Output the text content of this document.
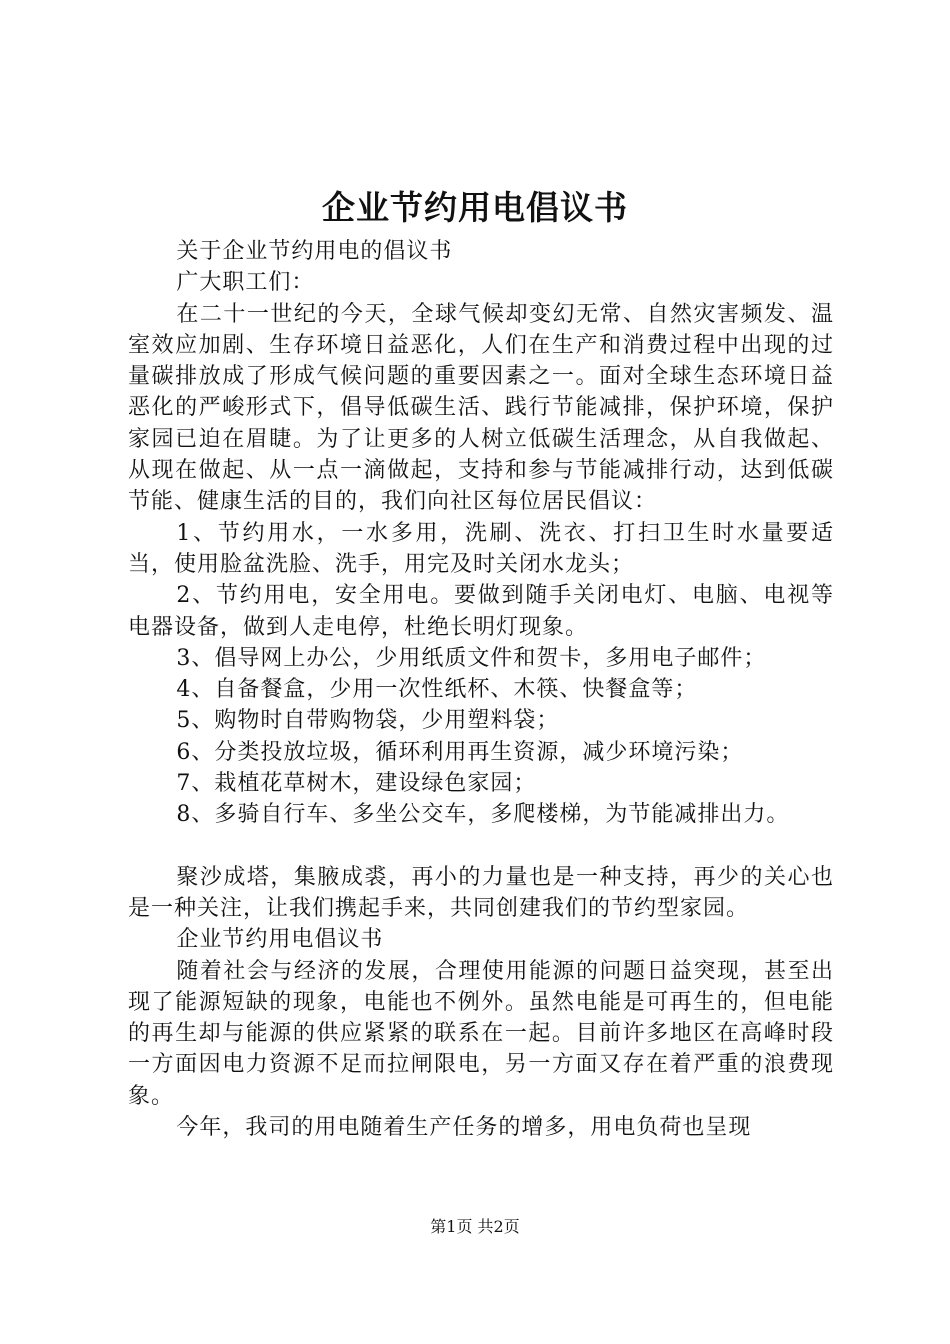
企业节约用电倡议书

关于企业节约用电的倡议书

广大职工们：

在二十一世纪的今天，全球气候却变幻无常、自然灾害频发、温室效应加剧、生存环境日益恶化，人们在生产和消费过程中出现的过量碳排放成了形成气候问题的重要因素之一。面对全球生态环境日益恶化的严峻形式下，倡导低碳生活、践行节能减排，保护环境，保护家园已迫在眉睫。为了让更多的人树立低碳生活理念，从自我做起、从现在做起、从一点一滴做起，支持和参与节能减排行动，达到低碳节能、健康生活的目的，我们向社区每位居民倡议：

1、节约用水，一水多用，洗刷、洗衣、打扫卫生时水量要适当，使用脸盆洗脸、洗手，用完及时关闭水龙头；

2、节约用电，安全用电。要做到随手关闭电灯、电脑、电视等电器设备，做到人走电停，杜绝长明灯现象。

3、倡导网上办公，少用纸质文件和贺卡，多用电子邮件；

4、自备餐盒，少用一次性纸杯、木筷、快餐盒等；

5、购物时自带购物袋，少用塑料袋；

6、分类投放垃圾，循环利用再生资源，减少环境污染；

7、栽植花草树木，建设绿色家园；

8、多骑自行车、多坐公交车，多爬楼梯，为节能减排出力。

聚沙成塔，集腋成裘，再小的力量也是一种支持，再少的关心也是一种关注，让我们携起手来，共同创建我们的节约型家园。

企业节约用电倡议书

随着社会与经济的发展，合理使用能源的问题日益突现，甚至出现了能源短缺的现象，电能也不例外。虽然电能是可再生的，但电能的再生却与能源的供应紧紧的联系在一起。目前许多地区在高峰时段一方面因电力资源不足而拉闸限电，另一方面又存在着严重的浪费现象。

今年，我司的用电随着生产任务的增多，用电负荷也呈现

第1页 共2页
